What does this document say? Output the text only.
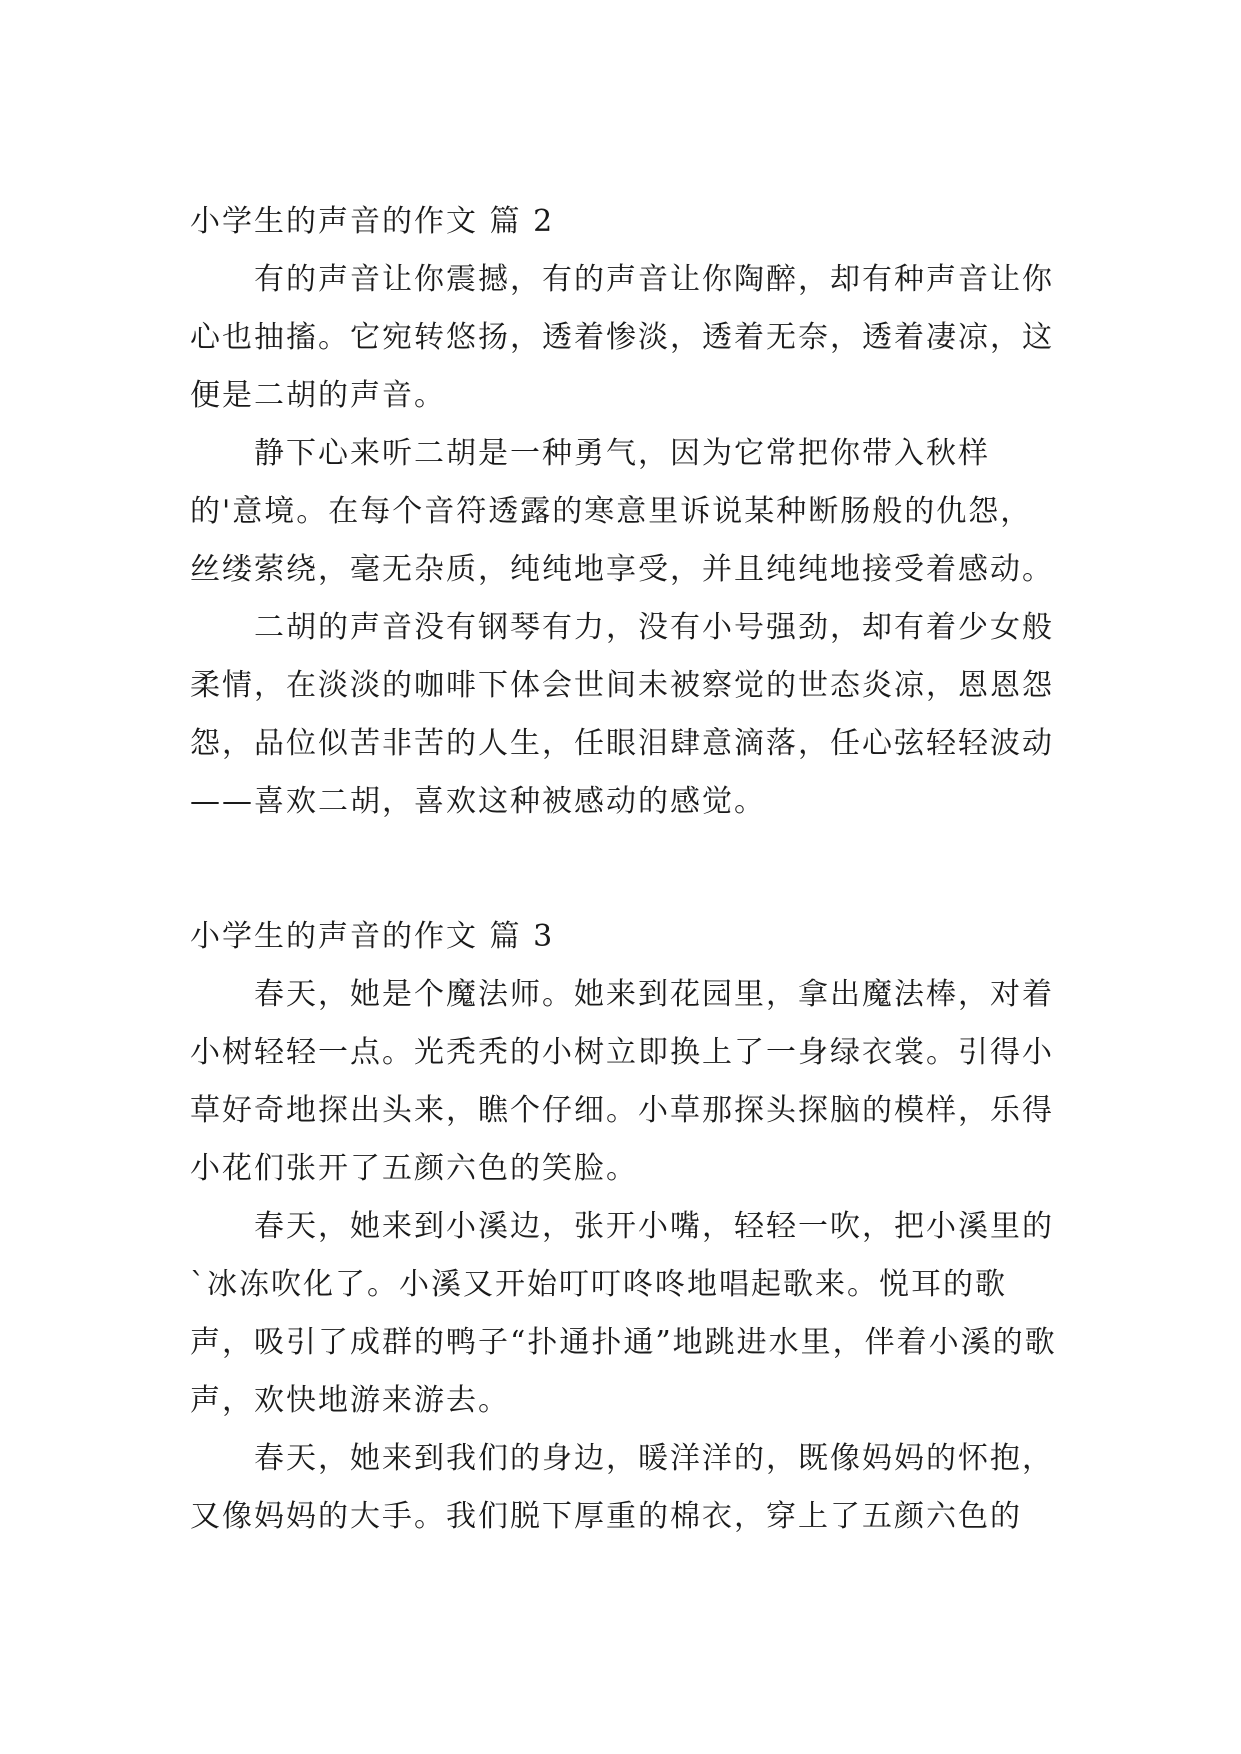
小学生的声音的作文 篇 2

有的声音让你震撼，有的声音让你陶醉，却有种声音让你心也抽搐。它宛转悠扬，透着惨淡，透着无奈，透着凄凉，这便是二胡的声音。

静下心来听二胡是一种勇气，因为它常把你带入秋样的'意境。在每个音符透露的寒意里诉说某种断肠般的仇怨，丝缕萦绕，毫无杂质，纯纯地享受，并且纯纯地接受着感动。

二胡的声音没有钢琴有力，没有小号强劲，却有着少女般柔情，在淡淡的咖啡下体会世间未被察觉的世态炎凉，恩恩怨怨，品位似苦非苦的人生，任眼泪肆意滴落，任心弦轻轻波动——喜欢二胡，喜欢这种被感动的感觉。

小学生的声音的作文 篇 3

春天，她是个魔法师。她来到花园里，拿出魔法棒，对着小树轻轻一点。光秃秃的小树立即换上了一身绿衣裳。引得小草好奇地探出头来，瞧个仔细。小草那探头探脑的模样，乐得小花们张开了五颜六色的笑脸。

春天，她来到小溪边，张开小嘴，轻轻一吹，把小溪里的`冰冻吹化了。小溪又开始叮叮咚咚地唱起歌来。悦耳的歌声，吸引了成群的鸭子“扑通扑通”地跳进水里，伴着小溪的歌声，欢快地游来游去。

春天，她来到我们的身边，暖洋洋的，既像妈妈的怀抱，又像妈妈的大手。我们脱下厚重的棉衣，穿上了五颜六色的
